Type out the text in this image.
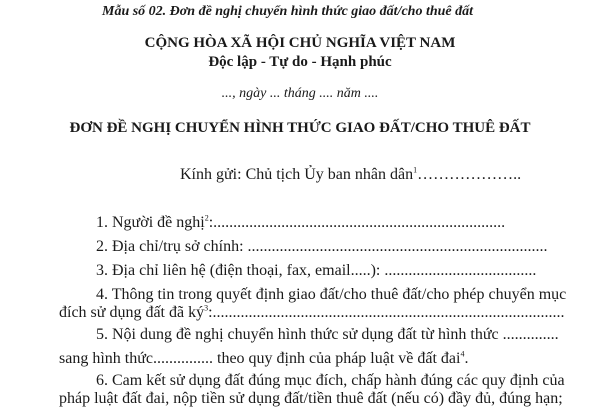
Mẫu số 02. Đơn đề nghị chuyển hình thức giao đất/cho thuê đất
CỘNG HÒA XÃ HỘI CHỦ NGHĨA VIỆT NAM
Độc lập - Tự do - Hạnh phúc
..., ngày ... tháng .... năm ....
ĐƠN ĐỀ NGHỊ CHUYỂN HÌNH THỨC GIAO ĐẤT/CHO THUÊ ĐẤT
Kính gửi: Chủ tịch Ủy ban nhân dân$^1$………………..
1. Người đề nghị$^2$:.........................................................................
2. Địa chỉ/trụ sở chính: ...........................................................................
3. Địa chỉ liên hệ (điện thoại, fax, email.....): ......................................
4. Thông tin trong quyết định giao đất/cho thuê đất/cho phép chuyển mục
đích sử dụng đất đã $ký^3$:........................................................................................
5. Nội dung đề nghị chuyển hình thức sử dụng đất từ hình thức ..............
sang hình thức............... theo quy định của pháp luật về đất đai$^4$.
6. Cam kết sử dụng đất đúng mục đích, chấp hành đúng các quy định của
pháp luật đất đai, nộp tiền sử dụng đất/tiền thuê đất (nếu có) đầy đủ, đúng hạn;
